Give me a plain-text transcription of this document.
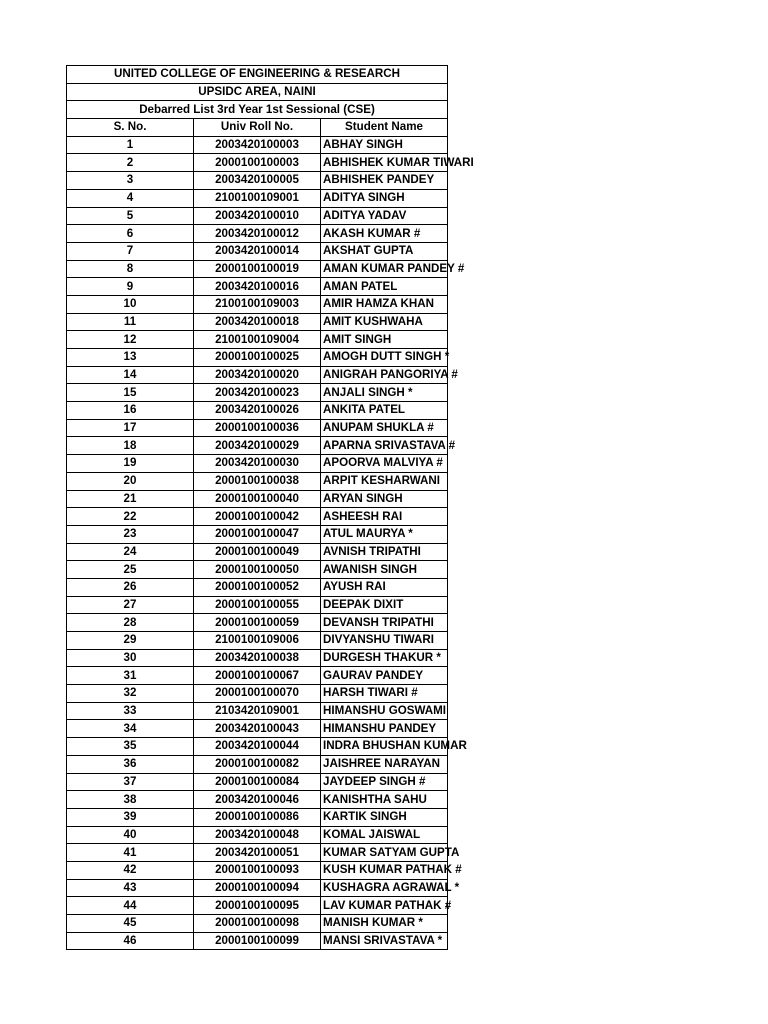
UNITED COLLEGE OF ENGINEERING & RESEARCH		
UPSIDC AREA, NAINI		
Debarred List 3rd Year 1st Sessional (CSE)		
S. No.	Univ Roll No.	Student Name
1	2003420100003	ABHAY SINGH
2	2000100100003	ABHISHEK KUMAR TIWARI
3	2003420100005	ABHISHEK PANDEY
4	2100100109001	ADITYA SINGH
5	2003420100010	ADITYA YADAV
6	2003420100012	AKASH KUMAR #
7	2003420100014	AKSHAT GUPTA
8	2000100100019	AMAN KUMAR PANDEY #
9	2003420100016	AMAN PATEL
10	2100100109003	AMIR HAMZA KHAN
11	2003420100018	AMIT KUSHWAHA
12	2100100109004	AMIT SINGH
13	2000100100025	AMOGH DUTT SINGH *
14	2003420100020	ANIGRAH PANGORIYA #
15	2003420100023	ANJALI SINGH *
16	2003420100026	ANKITA PATEL
17	2000100100036	ANUPAM SHUKLA #
18	2003420100029	APARNA SRIVASTAVA #
19	2003420100030	APOORVA MALVIYA #
20	2000100100038	ARPIT KESHARWANI
21	2000100100040	ARYAN SINGH
22	2000100100042	ASHEESH RAI
23	2000100100047	ATUL MAURYA *
24	2000100100049	AVNISH TRIPATHI
25	2000100100050	AWANISH SINGH
26	2000100100052	AYUSH RAI
27	2000100100055	DEEPAK DIXIT
28	2000100100059	DEVANSH TRIPATHI
29	2100100109006	DIVYANSHU TIWARI
30	2003420100038	DURGESH THAKUR *
31	2000100100067	GAURAV PANDEY
32	2000100100070	HARSH TIWARI #
33	2103420109001	HIMANSHU GOSWAMI
34	2003420100043	HIMANSHU PANDEY
35	2003420100044	INDRA BHUSHAN KUMAR
36	2000100100082	JAISHREE NARAYAN
37	2000100100084	JAYDEEP SINGH #
38	2003420100046	KANISHTHA SAHU
39	2000100100086	KARTIK SINGH
40	2003420100048	KOMAL JAISWAL
41	2003420100051	KUMAR SATYAM GUPTA
42	2000100100093	KUSH KUMAR PATHAK #
43	2000100100094	KUSHAGRA AGRAWAL *
44	2000100100095	LAV KUMAR PATHAK #
45	2000100100098	MANISH KUMAR *
46	2000100100099	MANSI SRIVASTAVA *
